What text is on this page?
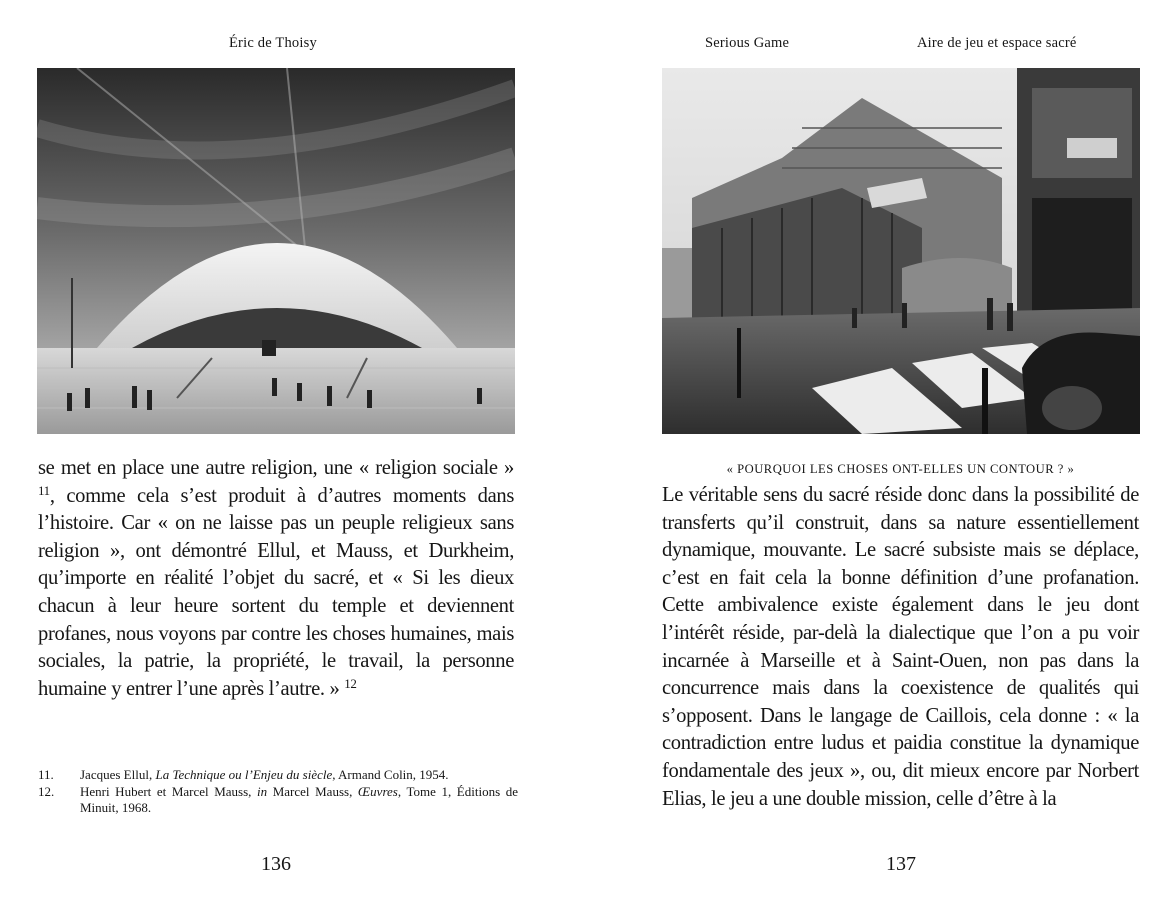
Éric de Thoisy

se met en place une autre religion, une « religion sociale » $^{11}$, comme cela s’est produit à d’autres moments dans l’histoire. Car « on ne laisse pas un peuple religieux sans religion », ont démontré Ellul, et Mauss, et Durkheim, qu’importe en réalité l’objet du sacré, et « Si les dieux chacun à leur heure sortent du temple et deviennent profanes, nous voyons par contre les choses humaines, mais sociales, la patrie, la propriété, le travail, la personne humaine y entrer l’une après l’autre. » $^{12}$

11.	Jacques Ellul, La Technique ou l’Enjeu du siècle, Armand Colin, 1954.
12.	Henri Hubert et Marcel Mauss, in Marcel Mauss, Œuvres, Tome 1, Éditions de Minuit, 1968.
136
Serious Game	Aire de jeu et espace sacré

« POURQUOI LES CHOSES ONT-ELLES UN CONTOUR ? »

Le véritable sens du sacré réside donc dans la possibilité de transferts qu’il construit, dans sa nature essentiellement dynamique, mouvante. Le sacré subsiste mais se déplace, c’est en fait cela la bonne définition d’une profanation. Cette ambivalence existe également dans le jeu dont l’intérêt réside, par-delà la dialectique que l’on a pu voir incarnée à Marseille et à Saint-Ouen, non pas dans la concurrence mais dans la coexistence de qualités qui s’opposent. Dans le langage de Caillois, cela donne : « la contradiction entre ludus et paidia constitue la dynamique fondamentale des jeux », ou, dit mieux encore par Norbert Elias, le jeu a une double mission, celle d’être à la

137
